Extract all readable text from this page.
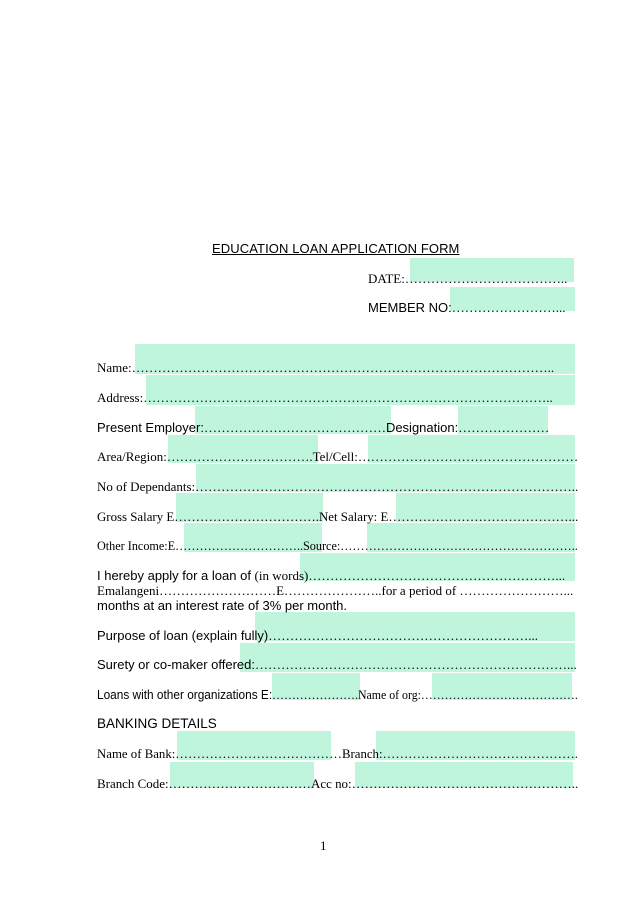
EDUCATION LOAN APPLICATION FORM
DATE:………………………………..
MEMBER NO:……………………...
Name:……………………………………………………………………………………..
Address:…………………………………………………………………………………..
Present Employer:……………………………………Designation:…………………
Area/Region:…………………………….Tel/Cell:……………………………………………
No of Dependants:……………………………………………………………………………..
Gross Salary E…………………………….Net Salary: E……………………………………...
Other Income:E…………………………..Source:…………………………………………………..
I hereby apply for a loan of (in words)…………………………………………………...
Emalangeni………………………E…………………..for a period of ……………………...
months at an interest rate of 3% per month.
Purpose of loan (explain fully)……………………………………………………...
Surety or co-maker offered:………………………………………………………………...
Loans with other organizations E:………………….Name of org:………………………………….
BANKING DETAILS
Name of Bank:…………………………………Branch:……………………………………….
Branch Code:……………………………Acc no:……………………………………………..
1
